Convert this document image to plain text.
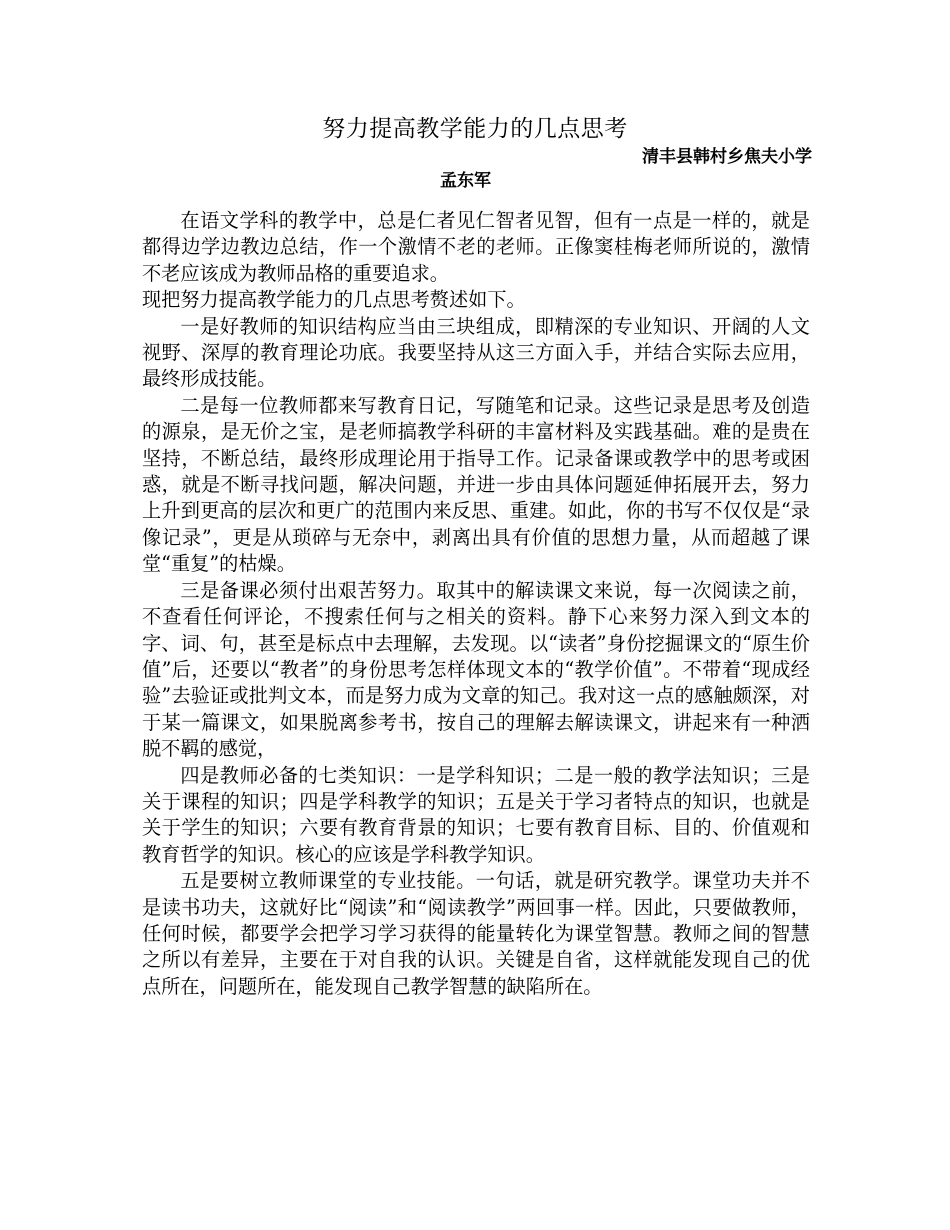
努力提高教学能力的几点思考
清丰县韩村乡焦夫小学
孟东军

在语文学科的教学中，总是仁者见仁智者见智，但有一点是一样的，就是都得边学边教边总结，作一个激情不老的老师。正像窦桂梅老师所说的，激情不老应该成为教师品格的重要追求。

现把努力提高教学能力的几点思考赘述如下。

一是好教师的知识结构应当由三块组成，即精深的专业知识、开阔的人文视野、深厚的教育理论功底。我要坚持从这三方面入手，并结合实际去应用，最终形成技能。

二是每一位教师都来写教育日记，写随笔和记录。这些记录是思考及创造的源泉，是无价之宝，是老师搞教学科研的丰富材料及实践基础。难的是贵在坚持，不断总结，最终形成理论用于指导工作。记录备课或教学中的思考或困惑，就是不断寻找问题，解决问题，并进一步由具体问题延伸拓展开去，努力上升到更高的层次和更广的范围内来反思、重建。如此，你的书写不仅仅是“录像记录”，更是从琐碎与无奈中，剥离出具有价值的思想力量，从而超越了课堂“重复”的枯燥。

三是备课必须付出艰苦努力。取其中的解读课文来说，每一次阅读之前，不查看任何评论，不搜索任何与之相关的资料。静下心来努力深入到文本的字、词、句，甚至是标点中去理解，去发现。以“读者”身份挖掘课文的“原生价值”后，还要以“教者”的身份思考怎样体现文本的“教学价值”。不带着“现成经验”去验证或批判文本，而是努力成为文章的知己。我对这一点的感触颇深，对于某一篇课文，如果脱离参考书，按自己的理解去解读课文，讲起来有一种洒脱不羁的感觉，

四是教师必备的七类知识：一是学科知识；二是一般的教学法知识；三是关于课程的知识；四是学科教学的知识；五是关于学习者特点的知识，也就是关于学生的知识；六要有教育背景的知识；七要有教育目标、目的、价值观和教育哲学的知识。核心的应该是学科教学知识。

五是要树立教师课堂的专业技能。一句话，就是研究教学。课堂功夫并不是读书功夫，这就好比“阅读”和“阅读教学”两回事一样。因此，只要做教师，任何时候，都要学会把学习学习获得的能量转化为课堂智慧。教师之间的智慧之所以有差异，主要在于对自我的认识。关键是自省，这样就能发现自己的优点所在，问题所在，能发现自己教学智慧的缺陷所在。
